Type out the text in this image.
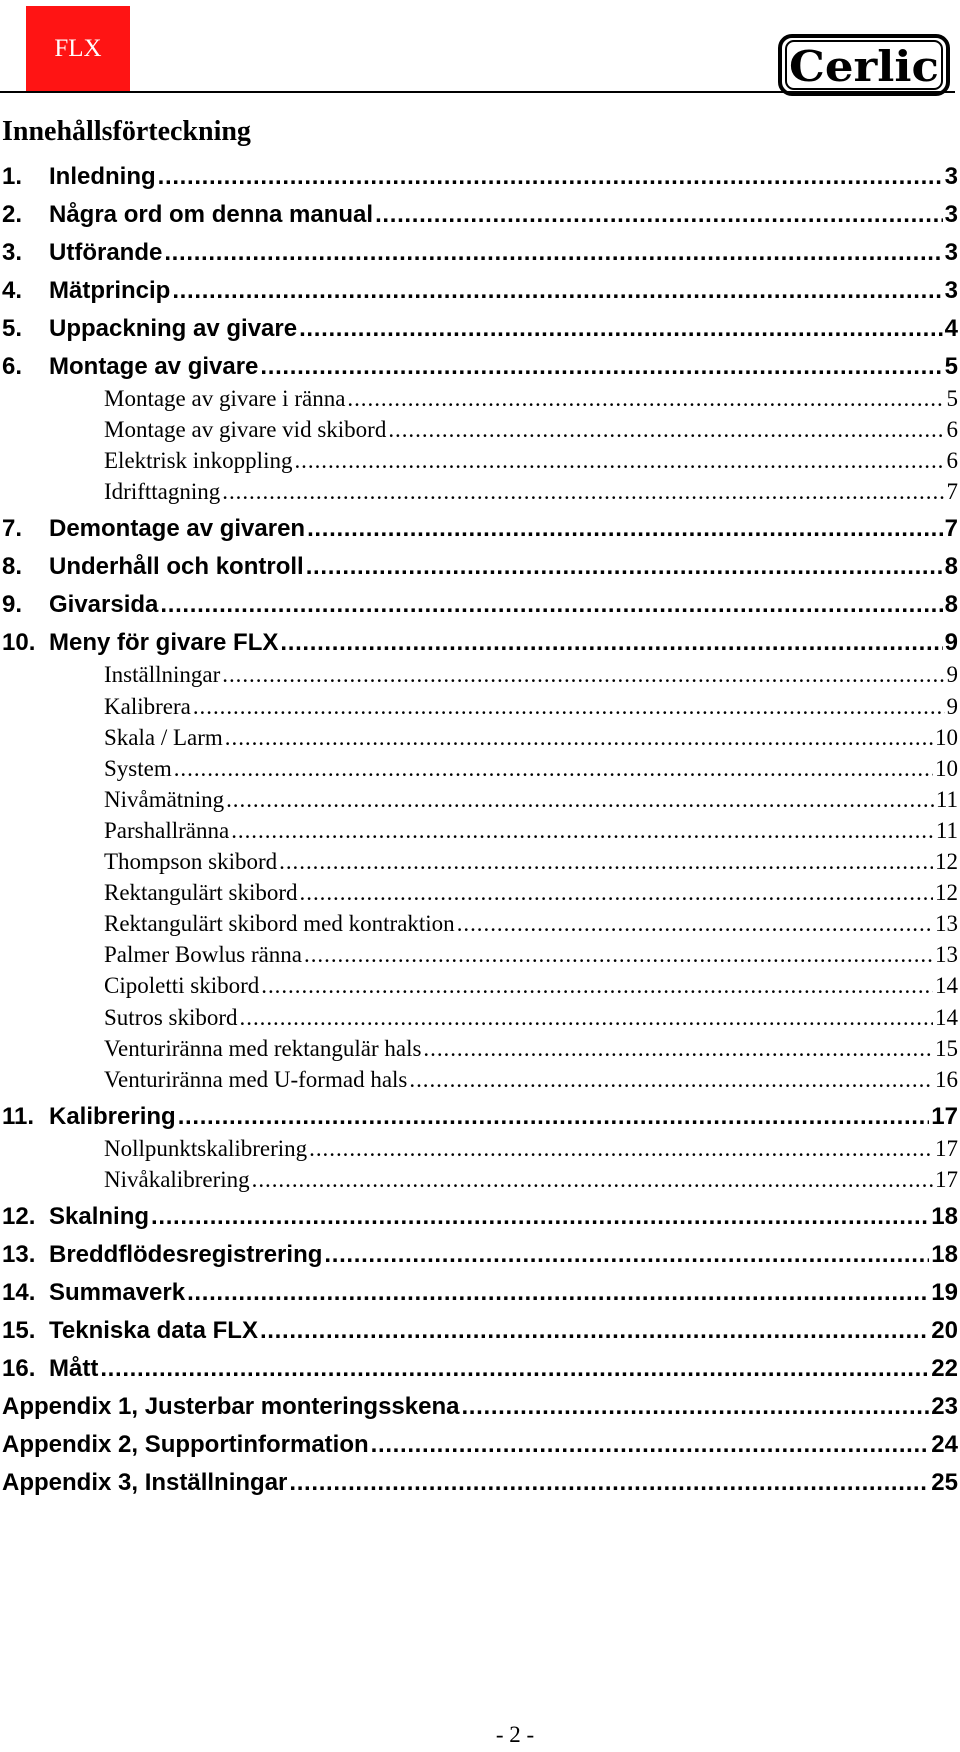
FLX	Cerlic
Innehållsförteckning
1.	Inledning . . .	3
2.	Några ord om denna manual . . .	3
3.	Utförande . . .	3
4.	Mätprincip . . .	3
5.	Uppackning av givare . . .	4
6.	Montage av givare . . .	5
Montage av givare i ränna . . .	5
Montage av givare vid skibord . . .	6
Elektrisk inkoppling . . .	6
Idrifttagning . . .	7
7.	Demontage av givaren . . .	7
8.	Underhåll och kontroll . . .	8
9.	Givarsida . . .	8
10. Meny för givare FLX . . .	9
Inställningar . . .	9
Kalibrera . . .	9
Skala / Larm . . .	10
System . . .	10
Nivåmätning . . .	11
Parshallränna . . .	11
Thompson skibord . . .	12
Rektangulärt skibord . . .	12
Rektangulärt skibord med kontraktion . . .	13
Palmer Bowlus ränna . . .	13
Cipoletti skibord . . .	14
Sutros skibord . . .	14
Venturiränna med rektangulär hals . . .	15
Venturiränna med U-formad hals . . .	16
11. Kalibrering . . .	17
Nollpunktskalibrering . . .	17
Nivåkalibrering . . .	17
12. Skalning . . .	18
13. Breddflödesregistrering . . .	18
14. Summaverk . . .	19
15. Tekniska data FLX . . .	20
16. Mått . . .	22
Appendix 1, Justerbar monteringsskena . . .	23
Appendix 2, Supportinformation . . .	24
Appendix 3, Inställningar . . .	25
- 2 -
